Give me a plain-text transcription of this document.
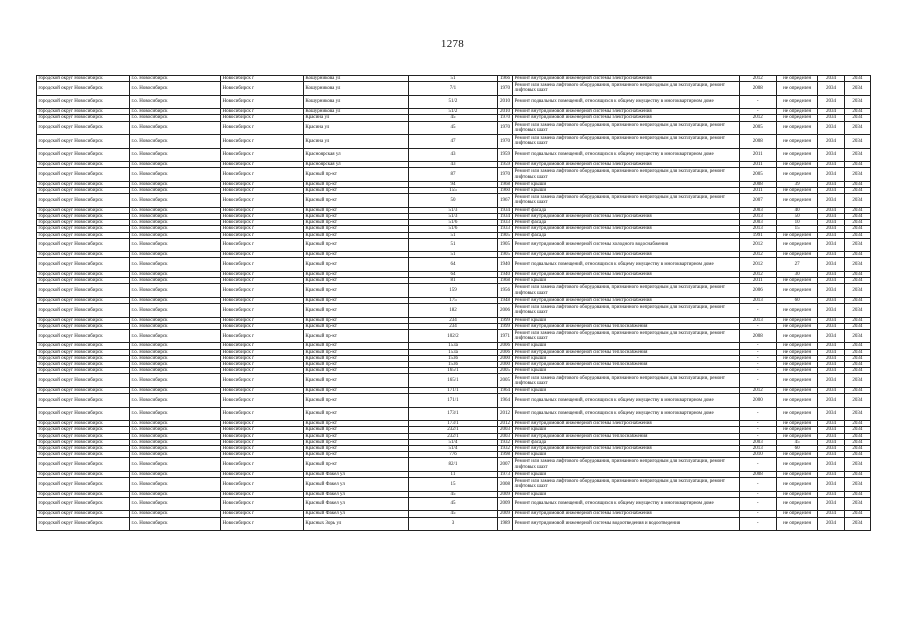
1278
городской округ Новосибирск	г.о. Новосибирск	Новосибирск г	Кошурникова ул	51	1966	Ремонт внутридомовой инженерной системы электроснабжения	2012	не определен	2034	2034
городской округ Новосибирск	г.о. Новосибирск	Новосибирск г	Кошурникова ул	7/1	1970	Ремонт или замена лифтового оборудования, признанного непригодным для эксплуатации, ремонт лифтовых шахт	2008	не определен	2034	2034
городской округ Новосибирск	г.о. Новосибирск	Новосибирск г	Кошурникова ул	51/2	2010	Ремонт подвальных помещений, относящихся к общему имуществу в многоквартирном доме	-	не определен	2034	2034
городской округ Новосибирск	г.о. Новосибирск	Новосибирск г	Кошурникова ул	51/2	2010	Ремонт внутридомовой инженерной системы электроснабжения	-	не определен	2034	2034
городской округ Новосибирск	г.о. Новосибирск	Новосибирск г	Красина ул	45	1970	Ремонт внутридомовой инженерной системы электроснабжения	2012	не определен	2034	2034
городской округ Новосибирск	г.о. Новосибирск	Новосибирск г	Красина ул	45	1970	Ремонт или замена лифтового оборудования, признанного непригодным для эксплуатации, ремонт лифтовых шахт	2005	не определен	2034	2034
городской округ Новосибирск	г.о. Новосибирск	Новосибирск г	Красина ул	47	1970	Ремонт или замена лифтового оборудования, признанного непригодным для эксплуатации, ремонт лифтовых шахт	2008	не определен	2034	2034
городской округ Новосибирск	г.о. Новосибирск	Новосибирск г	Красноярская ул	43	1959	Ремонт подвальных помещений, относящихся к общему имуществу в многоквартирном доме	2011	не определен	2034	2034
городской округ Новосибирск	г.о. Новосибирск	Новосибирск г	Красноярская ул	43	1959	Ремонт внутридомовой инженерной системы электроснабжения	2011	не определен	2034	2034
городской округ Новосибирск	г.о. Новосибирск	Новосибирск г	Красный пр-кт	87	1970	Ремонт или замена лифтового оборудования, признанного непригодным для эксплуатации, ремонт лифтовых шахт	2005	не определен	2034	2034
городской округ Новосибирск	г.о. Новосибирск	Новосибирск г	Красный пр-кт	94	1968	Ремонт крыши	2008	39	2034	2034
городской округ Новосибирск	г.о. Новосибирск	Новосибирск г	Красный пр-кт	155	1960	Ремонт крыши	2011	не определен	2034	2034
городской округ Новосибирск	г.о. Новосибирск	Новосибирск г	Красный пр-кт	50	1967	Ремонт или замена лифтового оборудования, признанного непригодным для эксплуатации, ремонт лифтовых шахт	2007	не определен	2034	2034
городской округ Новосибирск	г.о. Новосибирск	Новосибирск г	Красный пр-кт	51/3	1934	Ремонт фасада	2003	40	2034	2034
городской округ Новосибирск	г.о. Новосибирск	Новосибирск г	Красный пр-кт	51/3	1934	Ремонт внутридомовой инженерной системы электроснабжения	2013	50	2034	2034
городской округ Новосибирск	г.о. Новосибирск	Новосибирск г	Красный пр-кт	51/6	1933	Ремонт фасада	2003	10	2034	2034
городской округ Новосибирск	г.о. Новосибирск	Новосибирск г	Красный пр-кт	51/6	1933	Ремонт внутридомовой инженерной системы электроснабжения	2013	15	2034	2034
городской округ Новосибирск	г.о. Новосибирск	Новосибирск г	Красный пр-кт	51	1905	Ремонт фасада	1991	не определен	2034	2034
городской округ Новосибирск	г.о. Новосибирск	Новосибирск г	Красный пр-кт	51	1905	Ремонт внутридомовой инженерной системы холодного водоснабжения	2012	не определен	2034	2034
городской округ Новосибирск	г.о. Новосибирск	Новосибирск г	Красный пр-кт	51	1905	Ремонт внутридомовой инженерной системы электроснабжения	2012	не определен	2034	2034
городской округ Новосибирск	г.о. Новосибирск	Новосибирск г	Красный пр-кт	64	1940	Ремонт подвальных помещений, относящихся к общему имуществу в многоквартирном доме	2012	27	2034	2034
городской округ Новосибирск	г.о. Новосибирск	Новосибирск г	Красный пр-кт	64	1940	Ремонт внутридомовой инженерной системы электроснабжения	2012	30	2034	2034
городской округ Новосибирск	г.о. Новосибирск	Новосибирск г	Красный пр-кт	81	1968	Ремонт крыши	2011	не определен	2034	2034
городской округ Новосибирск	г.о. Новосибирск	Новосибирск г	Красный пр-кт	159	1956	Ремонт или замена лифтового оборудования, признанного непригодным для эксплуатации, ремонт лифтовых шахт	2006	не определен	2034	2034
городской округ Новосибирск	г.о. Новосибирск	Новосибирск г	Красный пр-кт	175	1948	Ремонт внутридомовой инженерной системы электроснабжения	2013	60	2034	2034
городской округ Новосибирск	г.о. Новосибирск	Новосибирск г	Красный пр-кт	182	2006	Ремонт или замена лифтового оборудования, признанного непригодным для эксплуатации, ремонт лифтовых шахт	-	не определен	2034	2034
городской округ Новосибирск	г.о. Новосибирск	Новосибирск г	Красный пр-кт	234	1999	Ремонт крыши	2013	не определен	2034	2034
городской округ Новосибирск	г.о. Новосибирск	Новосибирск г	Красный пр-кт	234	1999	Ремонт внутридомовой инженерной системы теплоснабжения	-	не определен	2034	2034
городской округ Новосибирск	г.о. Новосибирск	Новосибирск г	Красный пр-кт	102/2	1971	Ремонт или замена лифтового оборудования, признанного непригодным для эксплуатации, ремонт лифтовых шахт	2008	не определен	2034	2034
городской округ Новосибирск	г.о. Новосибирск	Новосибирск г	Красный пр-кт	153а	2006	Ремонт крыши	-	не определен	2034	2034
городской округ Новосибирск	г.о. Новосибирск	Новосибирск г	Красный пр-кт	153а	2006	Ремонт внутридомовой инженерной системы теплоснабжения	-	не определен	2034	2034
городской округ Новосибирск	г.о. Новосибирск	Новосибирск г	Красный пр-кт	153б	2000	Ремонт крыши	-	не определен	2034	2034
городской округ Новосибирск	г.о. Новосибирск	Новосибирск г	Красный пр-кт	153б	2000	Ремонт внутридомовой инженерной системы теплоснабжения	-	не определен	2034	2034
городской округ Новосибирск	г.о. Новосибирск	Новосибирск г	Красный пр-кт	165/1	2005	Ремонт крыши	-	не определен	2034	2034
городской округ Новосибирск	г.о. Новосибирск	Новосибирск г	Красный пр-кт	165/1	2005	Ремонт или замена лифтового оборудования, признанного непригодным для эксплуатации, ремонт лифтовых шахт	-	не определен	2034	2034
городской округ Новосибирск	г.о. Новосибирск	Новосибирск г	Красный пр-кт	171/1	1964	Ремонт крыши	2012	не определен	2034	2034
городской округ Новосибирск	г.о. Новосибирск	Новосибирск г	Красный пр-кт	171/1	1964	Ремонт подвальных помещений, относящихся к общему имуществу в многоквартирном доме	2000	не определен	2034	2034
городской округ Новосибирск	г.о. Новосибирск	Новосибирск г	Красный пр-кт	173/1	2012	Ремонт подвальных помещений, относящихся к общему имуществу в многоквартирном доме	-	не определен	2034	2034
городской округ Новосибирск	г.о. Новосибирск	Новосибирск г	Красный пр-кт	173/1	2012	Ремонт внутридомовой инженерной системы электроснабжения	-	не определен	2034	2034
городской округ Новосибирск	г.о. Новосибирск	Новосибирск г	Красный пр-кт	232/1	2003	Ремонт крыши	-	не определен	2034	2034
городской округ Новосибирск	г.о. Новосибирск	Новосибирск г	Красный пр-кт	232/1	2003	Ремонт внутридомовой инженерной системы теплоснабжения	-	не определен	2034	2034
городской округ Новосибирск	г.о. Новосибирск	Новосибирск г	Красный пр-кт	51/4	1932	Ремонт фасада	2003	45	2034	2034
городской округ Новосибирск	г.о. Новосибирск	Новосибирск г	Красный пр-кт	51/4	1932	Ремонт внутридомовой инженерной системы электроснабжения	2013	60	2034	2034
городской округ Новосибирск	г.о. Новосибирск	Новосибирск г	Красный пр-кт	77б	1998	Ремонт крыши	2010	не определен	2034	2034
городской округ Новосибирск	г.о. Новосибирск	Новосибирск г	Красный пр-кт	82/1	2007	Ремонт или замена лифтового оборудования, признанного непригодным для эксплуатации, ремонт лифтовых шахт	-	не определен	2034	2034
городской округ Новосибирск	г.о. Новосибирск	Новосибирск г	Красный Факел ул	11	1973	Ремонт крыши	2008	не определен	2034	2034
городской округ Новосибирск	г.о. Новосибирск	Новосибирск г	Красный Факел ул	15	2008	Ремонт или замена лифтового оборудования, признанного непригодным для эксплуатации, ремонт лифтовых шахт	-	не определен	2034	2034
городской округ Новосибирск	г.о. Новосибирск	Новосибирск г	Красный Факел ул	45	2009	Ремонт крыши	-	не определен	2034	2034
городской округ Новосибирск	г.о. Новосибирск	Новосибирск г	Красный Факел ул	45	2009	Ремонт подвальных помещений, относящихся к общему имуществу в многоквартирном доме	-	не определен	2034	2034
городской округ Новосибирск	г.о. Новосибирск	Новосибирск г	Красный Факел ул	45	2009	Ремонт внутридомовой инженерной системы электроснабжения	-	не определен	2034	2034
городской округ Новосибирск	г.о. Новосибирск	Новосибирск г	Красных Зорь ул	3	1989	Ремонт внутридомовой инженерной системы водоотведения и водоотведения	-	не определен	2034	2034
